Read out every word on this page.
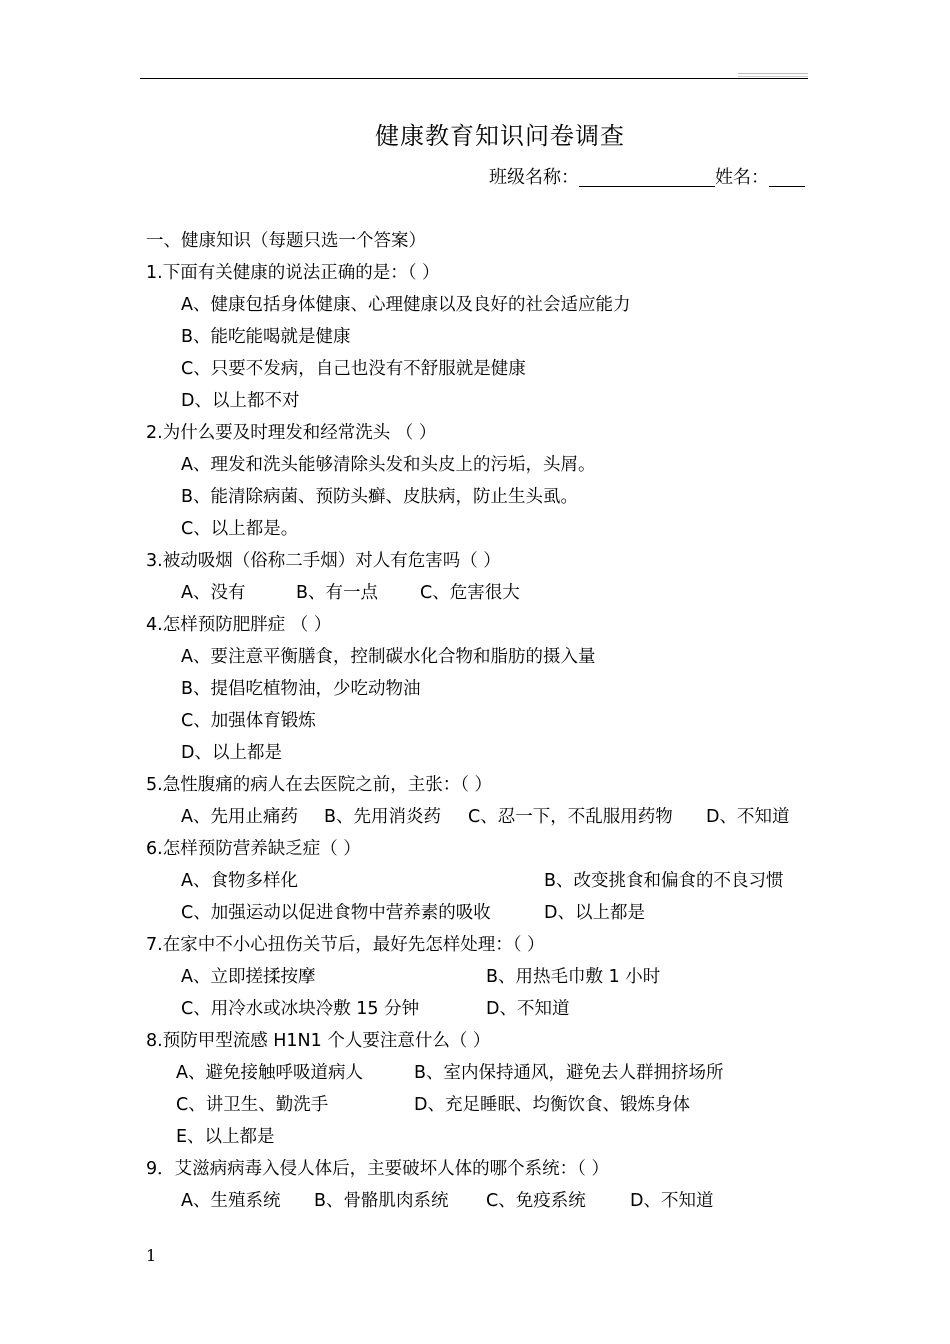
健康教育知识问卷调查
班级名称：	姓名：
一、健康知识（每题只选一个答案）
1.下面有关健康的说法正确的是：（ ）
A、健康包括身体健康、心理健康以及良好的社会适应能力
B、能吃能喝就是健康
C、只要不发病，自己也没有不舒服就是健康
D、以上都不对
2.为什么要及时理发和经常洗头 （ ）
A、理发和洗头能够清除头发和头皮上的污垢，头屑。
B、能清除病菌、预防头癣、皮肤病，防止生头虱。
C、以上都是。
3.被动吸烟（俗称二手烟）对人有危害吗（ ）
A、没有	B、有一点 C、危害很大
4.怎样预防肥胖症 （ ）
A、要注意平衡膳食，控制碳水化合物和脂肪的摄入量
B、提倡吃植物油，少吃动物油
C、加强体育锻炼
D、以上都是
5.急性腹痛的病人在去医院之前，主张：（ ）
A、先用止痛药 B、先用消炎药 C、忍一下，不乱服用药物 D、不知道
6.怎样预防营养缺乏症（ ）
A、食物多样化	B、改变挑食和偏食的不良习惯
C、加强运动以促进食物中营养素的吸收	D、以上都是
7.在家中不小心扭伤关节后，最好先怎样处理：（ ）
A、立即搓揉按摩	B、用热毛巾敷 1 小时
C、用冷水或冰块冷敷 15 分钟	D、不知道
8.预防甲型流感 H1N1 个人要注意什么（ ）
A、避免接触呼吸道病人	B、室内保持通风，避免去人群拥挤场所
C、讲卫生、勤洗手	D、充足睡眠、均衡饮食、锻炼身体
E、以上都是
9．艾滋病病毒入侵人体后，主要破坏人体的哪个系统：（ ）
A、生殖系统 B、骨骼肌肉系统 C、免疫系统	D、不知道
1
